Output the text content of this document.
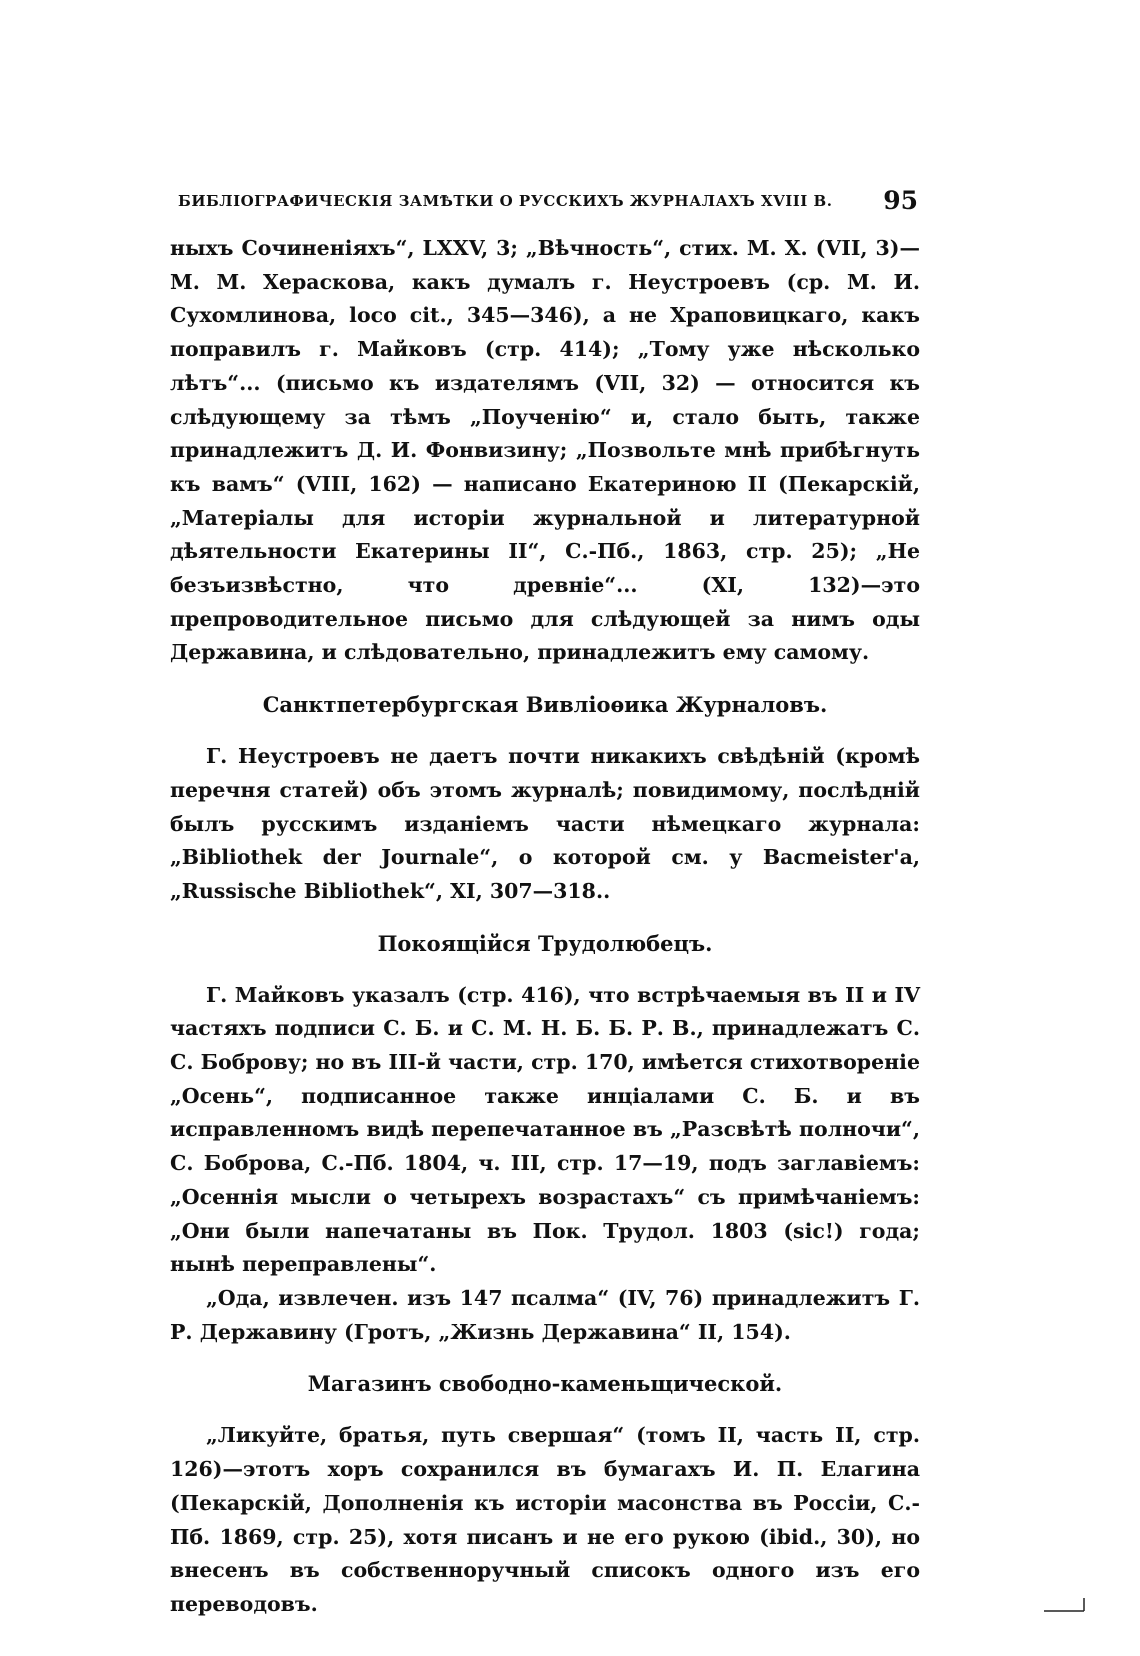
БИБЛІОГРАФИЧЕСКІЯ ЗАМѢТКИ О РУССКИХЪ ЖУРНАЛАХЪ XVIII В. 95

ныхъ Сочиненіяхъ“, LXXV, 3; „Вѣчность“, стих. М. Х. (VII, 3)— М. М. Хераскова, какъ думалъ г. Неустроевъ (ср. М. И. Сухомлинова, loco cit., 345—346), а не Храповицкаго, какъ поправилъ г. Майковъ (стр. 414); „Тому уже нѣсколько лѣтъ“... (письмо къ издателямъ (VII, 32) — относится къ слѣдующему за тѣмъ „Поученію“ и, стало быть, также принадлежитъ Д. И. Фонвизину; „Позвольте мнѣ прибѣгнуть къ вамъ“ (VIII, 162) — написано Екатериною II (Пекарскій, „Матеріалы для исторіи журнальной и литературной дѣятельности Екатерины II“, С.-Пб., 1863, стр. 25); „Не безъизвѣстно, что древніе“... (XI, 132)—это препроводительное письмо для слѣдующей за нимъ оды Державина, и слѣдовательно, принадлежитъ ему самому.

Санктпетербургская Вивліоѳика Журналовъ.

Г. Неустроевъ не даетъ почти никакихъ свѣдѣній (кромѣ перечня статей) объ этомъ журналѣ; повидимому, послѣдній былъ русскимъ изданіемъ части нѣмецкаго журнала: „Bibliothek der Journale“, о которой см. у Bacmeister'a, „Russische Bibliothek“, XI, 307—318..

Покоящійся Трудолюбецъ.

Г. Майковъ указалъ (стр. 416), что встрѣчаемыя въ II и IV частяхъ подписи С. Б. и С. М. Н. Б. Б. Р. В., принадлежатъ С. С. Боброву; но въ III-й части, стр. 170, имѣется стихотвореніе „Осень“, подписанное также инціалами С. Б. и въ исправленномъ видѣ перепечатанное въ „Разсвѣтѣ полночи“, С. Боброва, С.-Пб. 1804, ч. III, стр. 17—19, подъ заглавіемъ: „Осеннія мысли о четырехъ возрастахъ“ съ примѣчаніемъ: „Они были напечатаны въ Пок. Трудол. 1803 (sic!) года; нынѣ переправлены“.

„Ода, извлечен. изъ 147 псалма“ (IV, 76) принадлежитъ Г. Р. Державину (Гротъ, „Жизнь Державина“ II, 154).

Магазинъ свободно-каменьщической.

„Ликуйте, братья, путь свершая“ (томъ II, часть II, стр. 126)—этотъ хоръ сохранился въ бумагахъ И. П. Елагина (Пекарскій, Дополненія къ исторіи масонства въ Россіи, С.-Пб. 1869, стр. 25), хотя писанъ и не его рукою (ibid., 30), но внесенъ въ собственноручный списокъ одного изъ его переводовъ.
